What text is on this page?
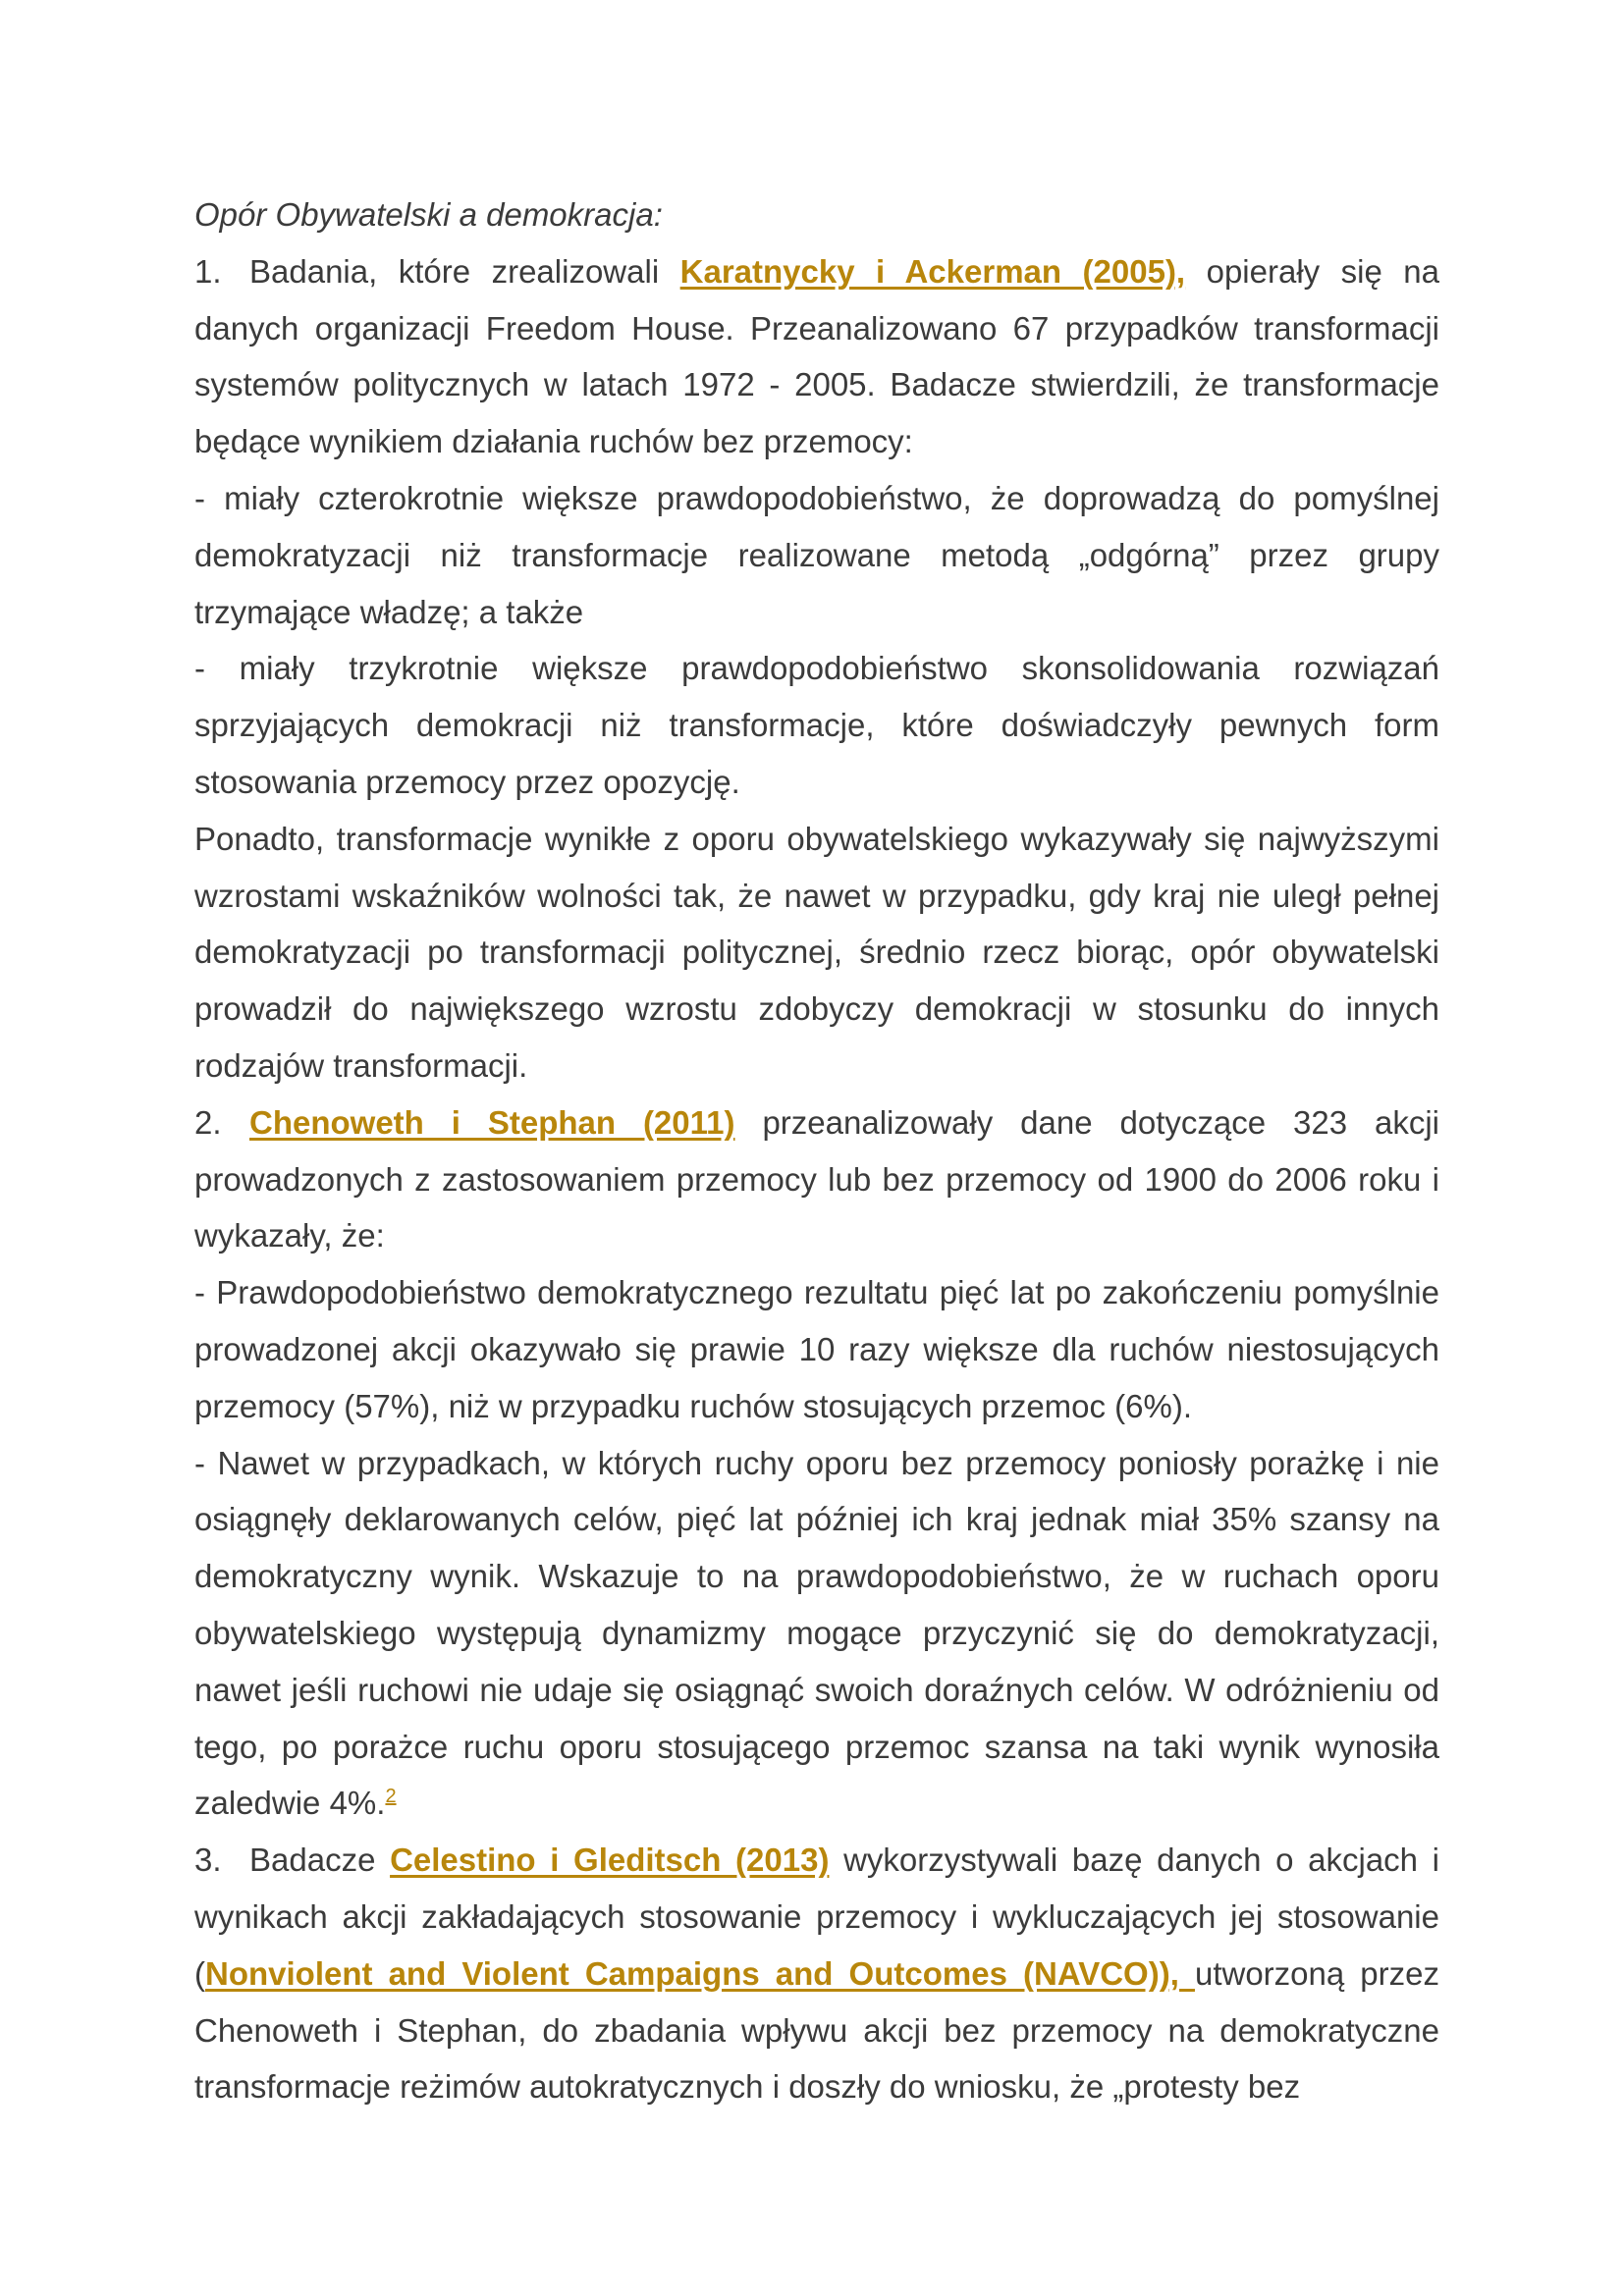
Opór Obywatelski a demokracja:

1. Badania, które zrealizowali Karatnycky i Ackerman (2005), opierały się na danych organizacji Freedom House. Przeanalizowano 67 przypadków transformacji systemów politycznych w latach 1972 - 2005. Badacze stwierdzili, że transformacje będące wynikiem działania ruchów bez przemocy:

- miały czterokrotnie większe prawdopodobieństwo, że doprowadzą do pomyślnej demokratyzacji niż transformacje realizowane metodą „odgórną” przez grupy trzymające władzę; a także

- miały trzykrotnie większe prawdopodobieństwo skonsolidowania rozwiązań sprzyjających demokracji niż transformacje, które doświadczyły pewnych form stosowania przemocy przez opozycję.

Ponadto, transformacje wynikłe z oporu obywatelskiego wykazywały się najwyższymi wzrostami wskaźników wolności tak, że nawet w przypadku, gdy kraj nie uległ pełnej demokratyzacji po transformacji politycznej, średnio rzecz biorąc, opór obywatelski prowadził do największego wzrostu zdobyczy demokracji w stosunku do innych rodzajów transformacji.

2. Chenoweth i Stephan (2011) przeanalizowały dane dotyczące 323 akcji prowadzonych z zastosowaniem przemocy lub bez przemocy od 1900 do 2006 roku i wykazały, że:

- Prawdopodobieństwo demokratycznego rezultatu pięć lat po zakończeniu pomyślnie prowadzonej akcji okazywało się prawie 10 razy większe dla ruchów niestosujących przemocy (57%), niż w przypadku ruchów stosujących przemoc (6%).

- Nawet w przypadkach, w których ruchy oporu bez przemocy poniosły porażkę i nie osiągnęły deklarowanych celów, pięć lat później ich kraj jednak miał 35% szansy na demokratyczny wynik. Wskazuje to na prawdopodobieństwo, że w ruchach oporu obywatelskiego występują dynamizmy mogące przyczynić się do demokratyzacji, nawet jeśli ruchowi nie udaje się osiągnąć swoich doraźnych celów. W odróżnieniu od tego, po porażce ruchu oporu stosującego przemoc szansa na taki wynik wynosiła zaledwie 4%.$^2$

3. Badacze Celestino i Gleditsch (2013) wykorzystywali bazę danych o akcjach i wynikach akcji zakładających stosowanie przemocy i wykluczających jej stosowanie (Nonviolent and Violent Campaigns and Outcomes (NAVCO)), utworzoną przez Chenoweth i Stephan, do zbadania wpływu akcji bez przemocy na demokratyczne transformacje reżimów autokratycznych i doszły do wniosku, że „protesty bez
